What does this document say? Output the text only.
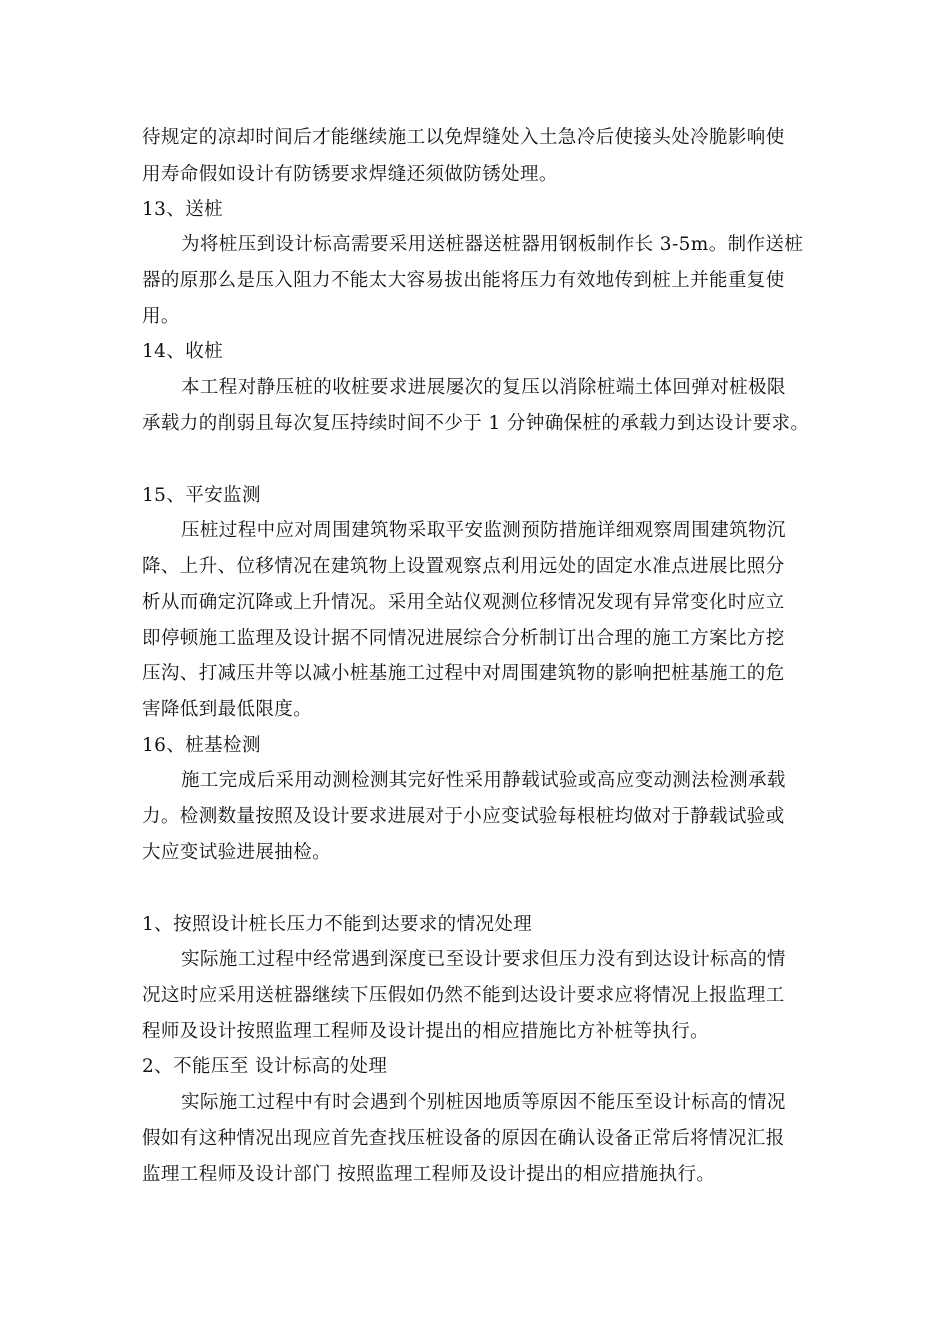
待规定的凉却时间后才能继续施工以免焊缝处入土急冷后使接头处冷脆影响使
用寿命假如设计有防锈要求焊缝还须做防锈处理。
13、送桩
为将桩压到设计标高需要采用送桩器送桩器用钢板制作长 3-5m。制作送桩
器的原那么是压入阻力不能太大容易拔出能将压力有效地传到桩上并能重复使
用。
14、收桩
本工程对静压桩的收桩要求进展屡次的复压以消除桩端土体回弹对桩极限
承载力的削弱且每次复压持续时间不少于 1 分钟确保桩的承载力到达设计要求。
15、平安监测
压桩过程中应对周围建筑物采取平安监测预防措施详细观察周围建筑物沉
降、上升、位移情况在建筑物上设置观察点利用远处的固定水准点进展比照分
析从而确定沉降或上升情况。采用全站仪观测位移情况发现有异常变化时应立
即停顿施工监理及设计据不同情况进展综合分析制订出合理的施工方案比方挖
压沟、打减压井等以减小桩基施工过程中对周围建筑物的影响把桩基施工的危
害降低到最低限度。
16、桩基检测
施工完成后采用动测检测其完好性采用静载试验或高应变动测法检测承载
力。检测数量按照及设计要求进展对于小应变试验每根桩均做对于静载试验或
大应变试验进展抽检。
1、按照设计桩长压力不能到达要求的情况处理
实际施工过程中经常遇到深度已至设计要求但压力没有到达设计标高的情
况这时应采用送桩器继续下压假如仍然不能到达设计要求应将情况上报监理工
程师及设计按照监理工程师及设计提出的相应措施比方补桩等执行。
2、不能压至 设计标高的处理
实际施工过程中有时会遇到个别桩因地质等原因不能压至设计标高的情况
假如有这种情况出现应首先查找压桩设备的原因在确认设备正常后将情况汇报
监理工程师及设计部门 按照监理工程师及设计提出的相应措施执行。
